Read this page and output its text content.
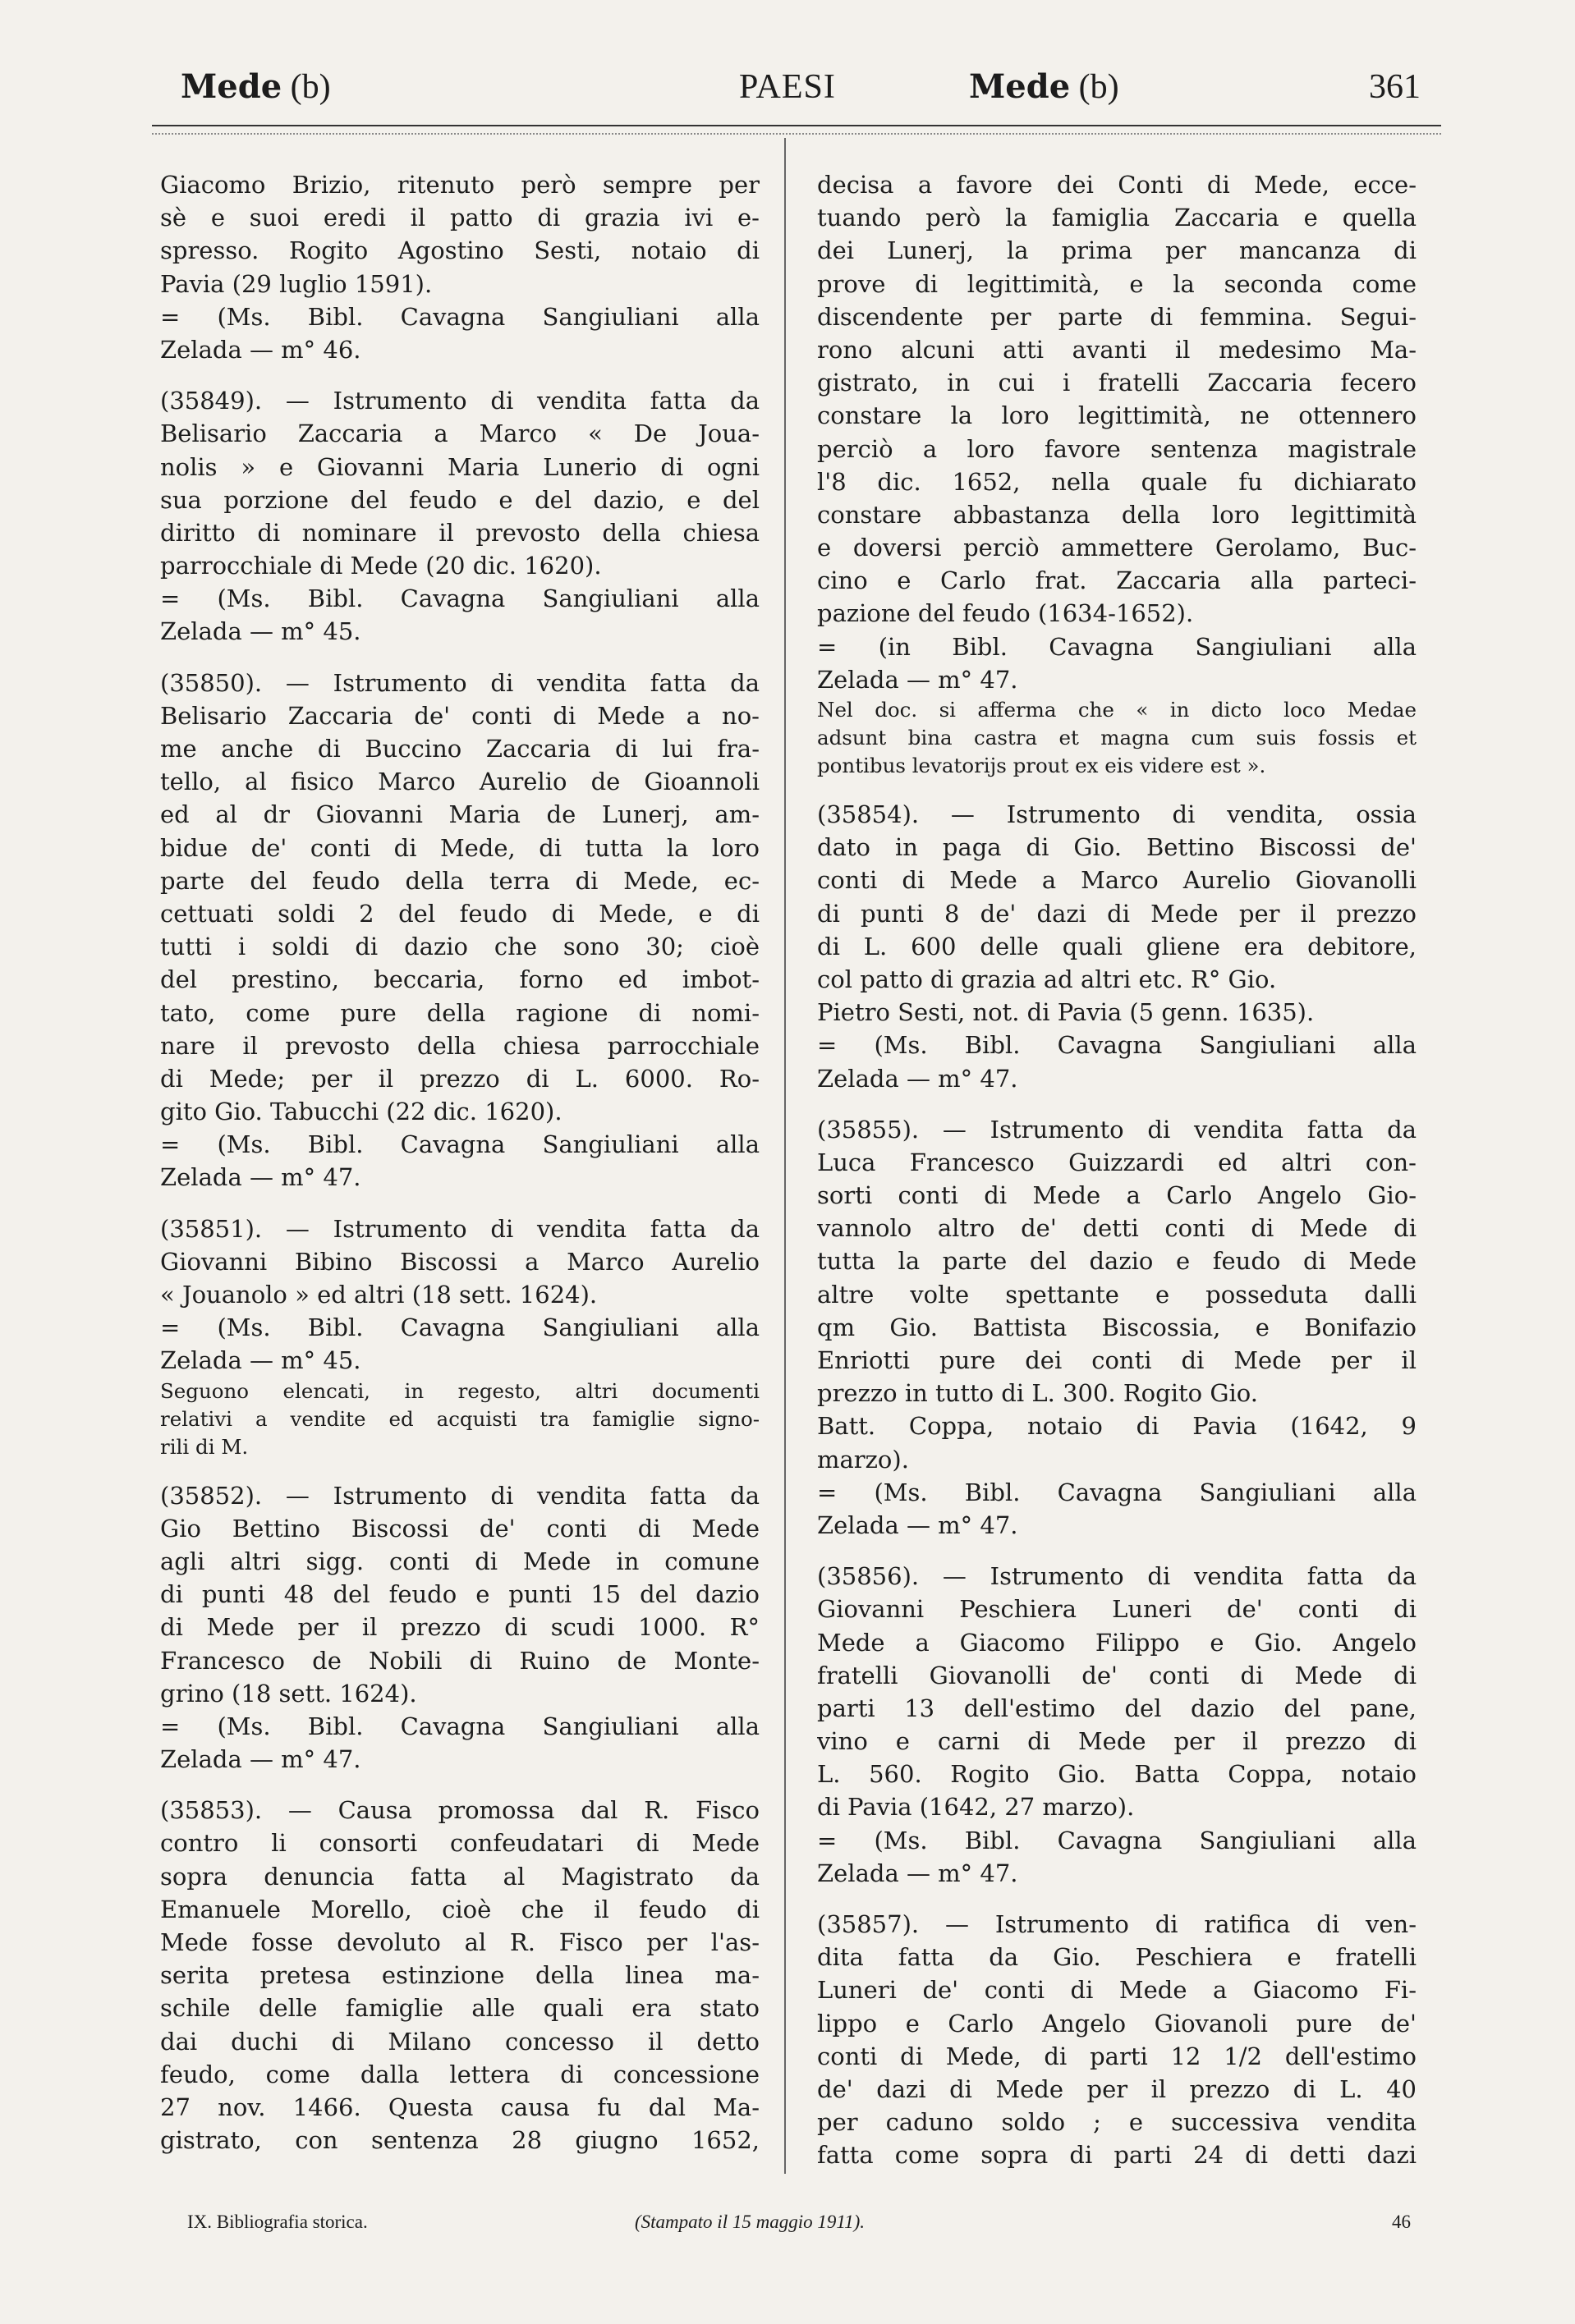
Mede (b)	PAESI	Mede (b)	361
Giacomo Brizio, ritenuto però sempre per
sè e suoi eredi il patto di grazia ivi e-
spresso. Rogito Agostino Sesti, notaio di
Pavia (29 luglio 1591).
= (Ms. Bibl. Cavagna Sangiuliani alla
Zelada — m° 46.
(35849). — Istrumento di vendita fatta da
Belisario Zaccaria a Marco « De Joua-
nolis » e Giovanni Maria Lunerio di ogni
sua porzione del feudo e del dazio, e del
diritto di nominare il prevosto della chiesa
parrocchiale di Mede (20 dic. 1620).
= (Ms. Bibl. Cavagna Sangiuliani alla
Zelada — m° 45.
(35850). — Istrumento di vendita fatta da
Belisario Zaccaria de' conti di Mede a no-
me anche di Buccino Zaccaria di lui fra-
tello, al fisico Marco Aurelio de Gioannoli
ed al dr Giovanni Maria de Lunerj, am-
bidue de' conti di Mede, di tutta la loro
parte del feudo della terra di Mede, ec-
cettuati soldi 2 del feudo di Mede, e di
tutti i soldi di dazio che sono 30; cioè
del prestino, beccaria, forno ed imbot-
tato, come pure della ragione di nomi-
nare il prevosto della chiesa parrocchiale
di Mede; per il prezzo di L. 6000. Ro-
gito Gio. Tabucchi (22 dic. 1620).
= (Ms. Bibl. Cavagna Sangiuliani alla
Zelada — m° 47.
(35851). — Istrumento di vendita fatta da
Giovanni Bibino Biscossi a Marco Aurelio
« Jouanolo » ed altri (18 sett. 1624).
= (Ms. Bibl. Cavagna Sangiuliani alla
Zelada — m° 45.
Seguono elencati, in regesto, altri documenti
relativi a vendite ed acquisti tra famiglie signo-
rili di M.
(35852). — Istrumento di vendita fatta da
Gio Bettino Biscossi de' conti di Mede
agli altri sigg. conti di Mede in comune
di punti 48 del feudo e punti 15 del dazio
di Mede per il prezzo di scudi 1000. R°
Francesco de Nobili di Ruino de Monte-
grino (18 sett. 1624).
= (Ms. Bibl. Cavagna Sangiuliani alla
Zelada — m° 47.
(35853). — Causa promossa dal R. Fisco
contro li consorti confeudatari di Mede
sopra denuncia fatta al Magistrato da
Emanuele Morello, cioè che il feudo di
Mede fosse devoluto al R. Fisco per l'as-
serita pretesa estinzione della linea ma-
schile delle famiglie alle quali era stato
dai duchi di Milano concesso il detto
feudo, come dalla lettera di concessione
27 nov. 1466. Questa causa fu dal Ma-
gistrato, con sentenza 28 giugno 1652,
decisa a favore dei Conti di Mede, ecce-
tuando però la famiglia Zaccaria e quella
dei Lunerj, la prima per mancanza di
prove di legittimità, e la seconda come
discendente per parte di femmina. Segui-
rono alcuni atti avanti il medesimo Ma-
gistrato, in cui i fratelli Zaccaria fecero
constare la loro legittimità, ne ottennero
perciò a loro favore sentenza magistrale
l'8 dic. 1652, nella quale fu dichiarato
constare abbastanza della loro legittimità
e doversi perciò ammettere Gerolamo, Buc-
cino e Carlo frat. Zaccaria alla parteci-
pazione del feudo (1634-1652).
= (in Bibl. Cavagna Sangiuliani alla
Zelada — m° 47.
Nel doc. si afferma che « in dicto loco Medae
adsunt bina castra et magna cum suis fossis et
pontibus levatorijs prout ex eis videre est ».
(35854). — Istrumento di vendita, ossia
dato in paga di Gio. Bettino Biscossi de'
conti di Mede a Marco Aurelio Giovanolli
di punti 8 de' dazi di Mede per il prezzo
di L. 600 delle quali gliene era debitore,
col patto di grazia ad altri etc. R° Gio.
Pietro Sesti, not. di Pavia (5 genn. 1635).
= (Ms. Bibl. Cavagna Sangiuliani alla
Zelada — m° 47.
(35855). — Istrumento di vendita fatta da
Luca Francesco Guizzardi ed altri con-
sorti conti di Mede a Carlo Angelo Gio-
vannolo altro de' detti conti di Mede di
tutta la parte del dazio e feudo di Mede
altre volte spettante e posseduta dalli
qm Gio. Battista Biscossia, e Bonifazio
Enriotti pure dei conti di Mede per il
prezzo in tutto di L. 300. Rogito Gio.
Batt. Coppa, notaio di Pavia (1642, 9
marzo).
= (Ms. Bibl. Cavagna Sangiuliani alla
Zelada — m° 47.
(35856). — Istrumento di vendita fatta da
Giovanni Peschiera Luneri de' conti di
Mede a Giacomo Filippo e Gio. Angelo
fratelli Giovanolli de' conti di Mede di
parti 13 dell'estimo del dazio del pane,
vino e carni di Mede per il prezzo di
L. 560. Rogito Gio. Batta Coppa, notaio
di Pavia (1642, 27 marzo).
= (Ms. Bibl. Cavagna Sangiuliani alla
Zelada — m° 47.
(35857). — Istrumento di ratifica di ven-
dita fatta da Gio. Peschiera e fratelli
Luneri de' conti di Mede a Giacomo Fi-
lippo e Carlo Angelo Giovanoli pure de'
conti di Mede, di parti 12 1/2 dell'estimo
de' dazi di Mede per il prezzo di L. 40
per caduno soldo ; e successiva vendita
fatta come sopra di parti 24 di detti dazi
IX. Bibliografia storica.	(Stampato il 15 maggio 1911).	46
